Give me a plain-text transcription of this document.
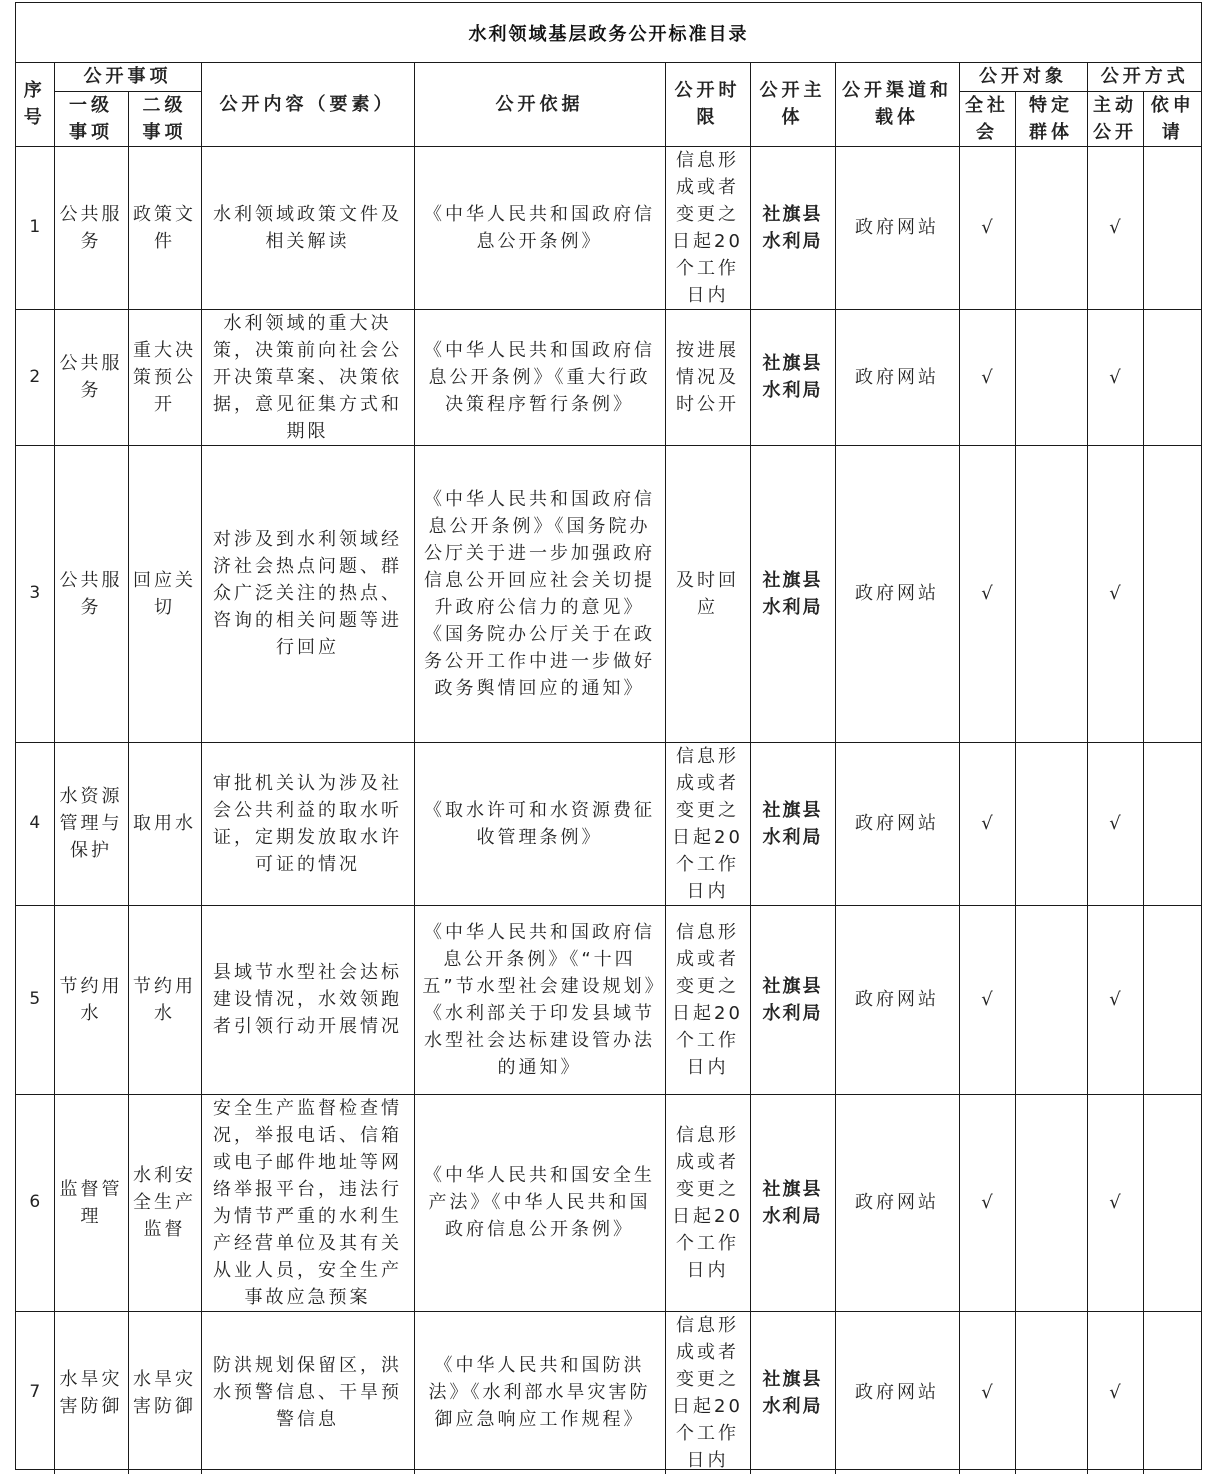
水利领域基层政务公开标准目录
序号	公开事项		公开内容（要素）	公开依据	公开时限	公开主体	公开渠道和载体	公开对象		公开方式	
	一级事项	二级事项						全社会	特定群体	主动公开	依申请
1	公共服务	政策文件	水利领域政策文件及相关解读	《中华人民共和国政府信息公开条例》	信息形成或者变更之日起20个工作日内	社旗县水利局	政府网站	√		√	
2	公共服务	重大决策预公开	水利领域的重大决策，决策前向社会公开决策草案、决策依据，意见征集方式和期限	《中华人民共和国政府信息公开条例》《重大行政决策程序暂行条例》	按进展情况及时公开	社旗县水利局	政府网站	√		√	
3	公共服务	回应关切	对涉及到水利领域经济社会热点问题、群众广泛关注的热点、咨询的相关问题等进行回应	《中华人民共和国政府信息公开条例》《国务院办公厅关于进一步加强政府信息公开回应社会关切提升政府公信力的意见》《国务院办公厅关于在政务公开工作中进一步做好政务舆情回应的通知》	及时回应	社旗县水利局	政府网站	√		√	
4	水资源管理与保护	取用水	审批机关认为涉及社会公共利益的取水听证，定期发放取水许可证的情况	《取水许可和水资源费征收管理条例》	信息形成或者变更之日起20个工作日内	社旗县水利局	政府网站	√		√	
5	节约用水	节约用水	县域节水型社会达标建设情况，水效领跑者引领行动开展情况	《中华人民共和国政府信息公开条例》《“十四五”节水型社会建设规划》《水利部关于印发县域节水型社会达标建设管办法的通知》	信息形成或者变更之日起20个工作日内	社旗县水利局	政府网站	√		√	
6	监督管理	水利安全生产监督	安全生产监督检查情况，举报电话、信箱或电子邮件地址等网络举报平台，违法行为情节严重的水利生产经营单位及其有关从业人员，安全生产事故应急预案	《中华人民共和国安全生产法》《中华人民共和国政府信息公开条例》	信息形成或者变更之日起20个工作日内	社旗县水利局	政府网站	√		√	
7	水旱灾害防御	水旱灾害防御	防洪规划保留区，洪水预警信息、干旱预警信息	《中华人民共和国防洪法》《水利部水旱灾害防御应急响应工作规程》	信息形成或者变更之日起20个工作日内	社旗县水利局	政府网站	√		√	
